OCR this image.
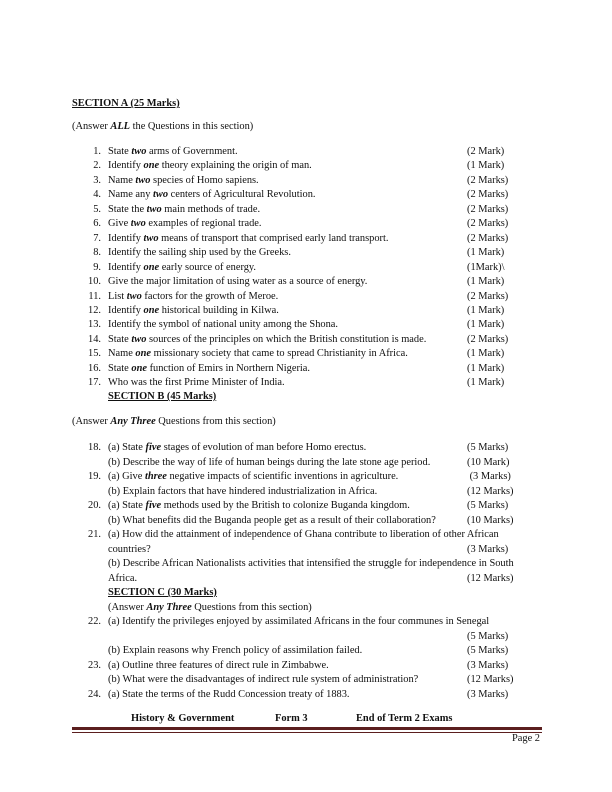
SECTION A (25 Marks)
(Answer ALL the Questions in this section)
1. State two arms of Government.	(2 Mark)
2. Identify one theory explaining the origin of man.	(1 Mark)
3. Name two species of Homo sapiens.	(2 Marks)
4. Name any two centers of Agricultural Revolution.	(2 Marks)
5. State the two main methods of trade.	(2 Marks)
6. Give two examples of regional trade.	(2 Marks)
7. Identify two means of transport that comprised early land transport.	(2 Marks)
8. Identify the sailing ship used by the Greeks.	(1 Mark)
9. Identify one early source of energy.	(1Mark)\
10. Give the major limitation of using water as a source of energy.	(1 Mark)
11. List two factors for the growth of Meroe.	(2 Marks)
12. Identify one historical building in Kilwa.	(1 Mark)
13. Identify the symbol of national unity among the Shona.	(1 Mark)
14. State two sources of the principles on which the British constitution is made.	(2 Marks)
15. Name one missionary society that came to spread Christianity in Africa.	(1 Mark)
16. State one function of Emirs in Northern Nigeria.	(1 Mark)
17. Who was the first Prime Minister of India.	(1 Mark)
SECTION B (45 Marks)
(Answer Any Three Questions from this section)
18. (a) State five stages of evolution of man before Homo erectus.	(5 Marks)
(b) Describe the way of life of human beings during the late stone age period.	(10 Mark)
19. (a) Give three negative impacts of scientific inventions in agriculture.	(3 Marks)
(b) Explain factors that have hindered industrialization in Africa.	(12 Marks)
20. (a) State five methods used by the British to colonize Buganda kingdom.	(5 Marks)
(b) What benefits did the Buganda people get as a result of their collaboration?	(10 Marks)
21. (a) How did the attainment of independence of Ghana contribute to liberation of other African
countries?	(3 Marks)
(b) Describe African Nationalists activities that intensified the struggle for independence in South
Africa.	(12 Marks)
SECTION C (30 Marks)
(Answer Any Three Questions from this section)
22. (a) Identify the privileges enjoyed by assimilated Africans in the four communes in Senegal
(5 Marks)
(b) Explain reasons why French policy of assimilation failed.	(5 Marks)
23. (a) Outline three features of direct rule in Zimbabwe.	(3 Marks)
(b) What were the disadvantages of indirect rule system of administration?	(12 Marks)
24. (a) State the terms of the Rudd Concession treaty of 1883.	(3 Marks)
History & Government	Form 3	End of Term 2 Exams
Page 2
